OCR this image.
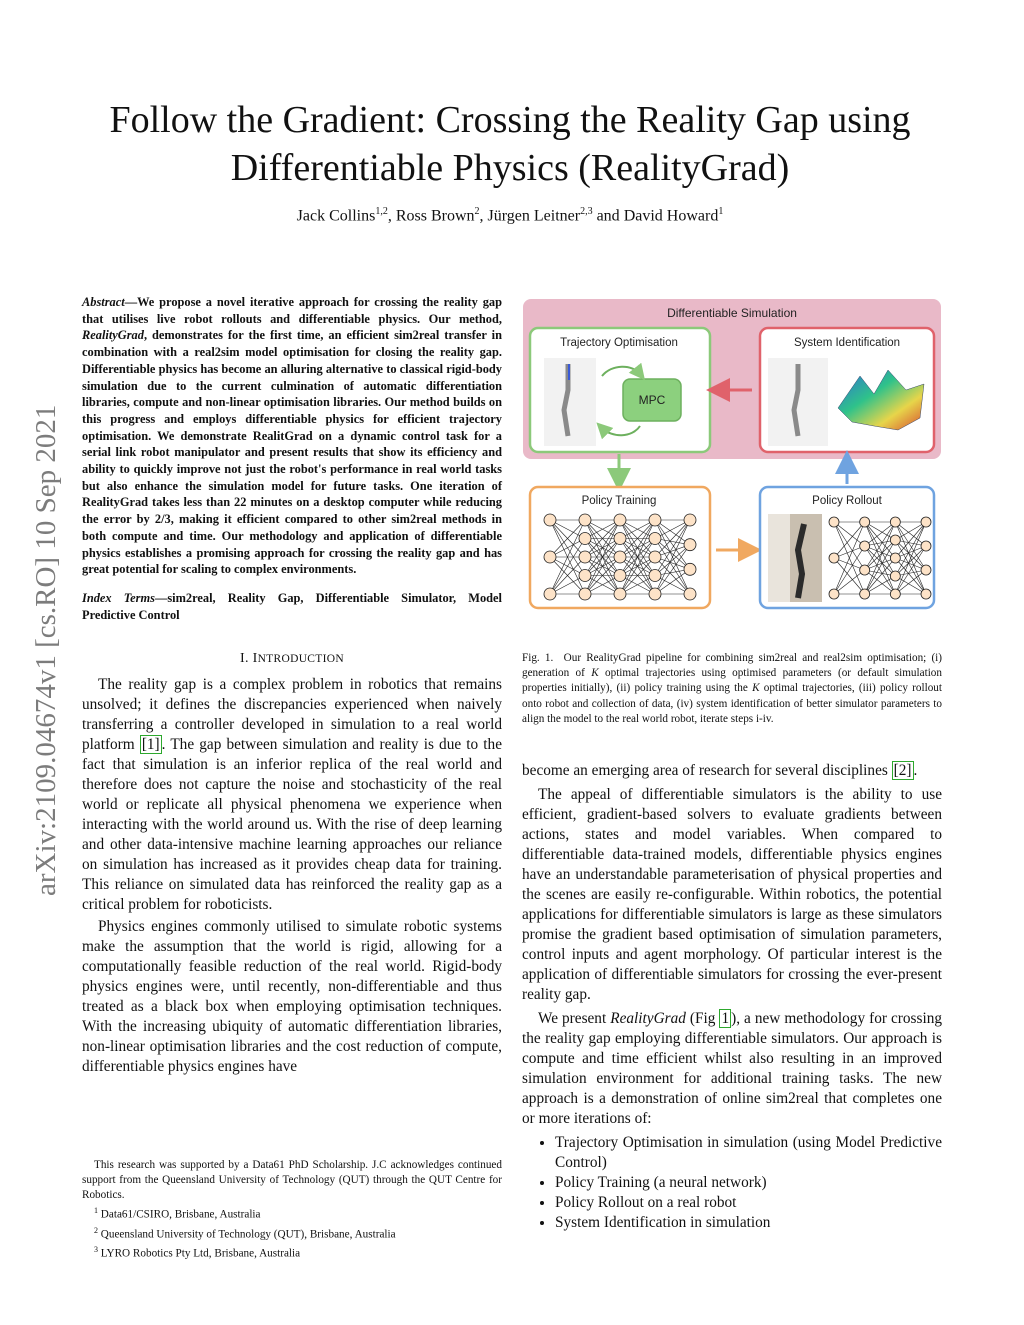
arXiv:2109.04674v1 [cs.RO] 10 Sep 2021
Follow the Gradient: Crossing the Reality Gap using Differentiable Physics (RealityGrad)
Jack Collins$^{1,2}$, Ross Brown$^2$, Jürgen Leitner$^{2,3}$ and David Howard$^1$

Abstract—We propose a novel iterative approach for crossing the reality gap that utilises live robot rollouts and differentiable physics. Our method, RealityGrad, demonstrates for the first time, an efficient sim2real transfer in combination with a real2sim model optimisation for closing the reality gap. Differentiable physics has become an alluring alternative to classical rigid-body simulation due to the current culmination of automatic differentiation libraries, compute and non-linear optimisation libraries. Our method builds on this progress and employs differentiable physics for efficient trajectory optimisation. We demonstrate RealitGrad on a dynamic control task for a serial link robot manipulator and present results that show its efficiency and ability to quickly improve not just the robot's performance in real world tasks but also enhance the simulation model for future tasks. One iteration of RealityGrad takes less than 22 minutes on a desktop computer while reducing the error by 2/3, making it efficient compared to other sim2real methods in both compute and time. Our methodology and application of differentiable physics establishes a promising approach for crossing the reality gap and has great potential for scaling to complex environments.

Index Terms—sim2real, Reality Gap, Differentiable Simulator, Model Predictive Control

I. INTRODUCTION

The reality gap is a complex problem in robotics that remains unsolved; it defines the discrepancies experienced when naively transferring a controller developed in simulation to a real world platform [1] . The gap between simulation and reality is due to the fact that simulation is an inferior replica of the real world and therefore does not capture the noise and stochasticity of the real world or replicate all physical phenomena we experience when interacting with the world around us. With the rise of deep learning and other data-intensive machine learning approaches our reliance on simulation has increased as it provides cheap data for training. This reliance on simulated data has reinforced the reality gap as a critical problem for roboticists.

Physics engines commonly utilised to simulate robotic systems make the assumption that the world is rigid, allowing for a computationally feasible reduction of the real world. Rigid-body physics engines were, until recently, non-differentiable and thus treated as a black box when employing optimisation techniques. With the increasing ubiquity of automatic differentiation libraries, non-linear optimisation libraries and the cost reduction of compute, differentiable physics engines have

This research was supported by a Data61 PhD Scholarship. J.C acknowledges continued support from the Queensland University of Technology (QUT) through the QUT Centre for Robotics.

$^1$ Data61/CSIRO, Brisbane, Australia

$^2$ Queensland University of Technology (QUT), Brisbane, Australia

$^3$ LYRO Robotics Pty Ltd, Brisbane, Australia

Differentiable Simulation
Trajectory Optimisation
MPC
System Identification
Policy Training	Policy Rollout

Fig. 1. Our RealityGrad pipeline for combining sim2real and real2sim optimisation; (i) generation of K optimal trajectories using optimised parameters (or default simulation properties initially), (ii) policy training using the K optimal trajectories, (iii) policy rollout onto robot and collection of data, (iv) system identification of better simulator parameters to align the model to the real world robot, iterate steps i-iv.

become an emerging area of research for several disciplines [2] .

The appeal of differentiable simulators is the ability to use efficient, gradient-based solvers to evaluate gradients between actions, states and model variables. When compared to differentiable data-trained models, differentiable physics engines have an understandable parameterisation of physical properties and the scenes are easily re-configurable. Within robotics, the potential applications for differentiable simulators is large as these simulators promise the gradient based optimisation of simulation parameters, control inputs and agent morphology. Of particular interest is the application of differentiable simulators for crossing the ever-present reality gap.

We present RealityGrad (Fig 1 ), a new methodology for crossing the reality gap employing differentiable simulators. Our approach is compute and time efficient whilst also resulting in an improved simulation environment for additional training tasks. The new approach is a demonstration of online sim2real that completes one or more iterations of:

• Trajectory Optimisation in simulation (using Model Predictive Control)
• Policy Training (a neural network)
• Policy Rollout on a real robot
• System Identification in simulation
